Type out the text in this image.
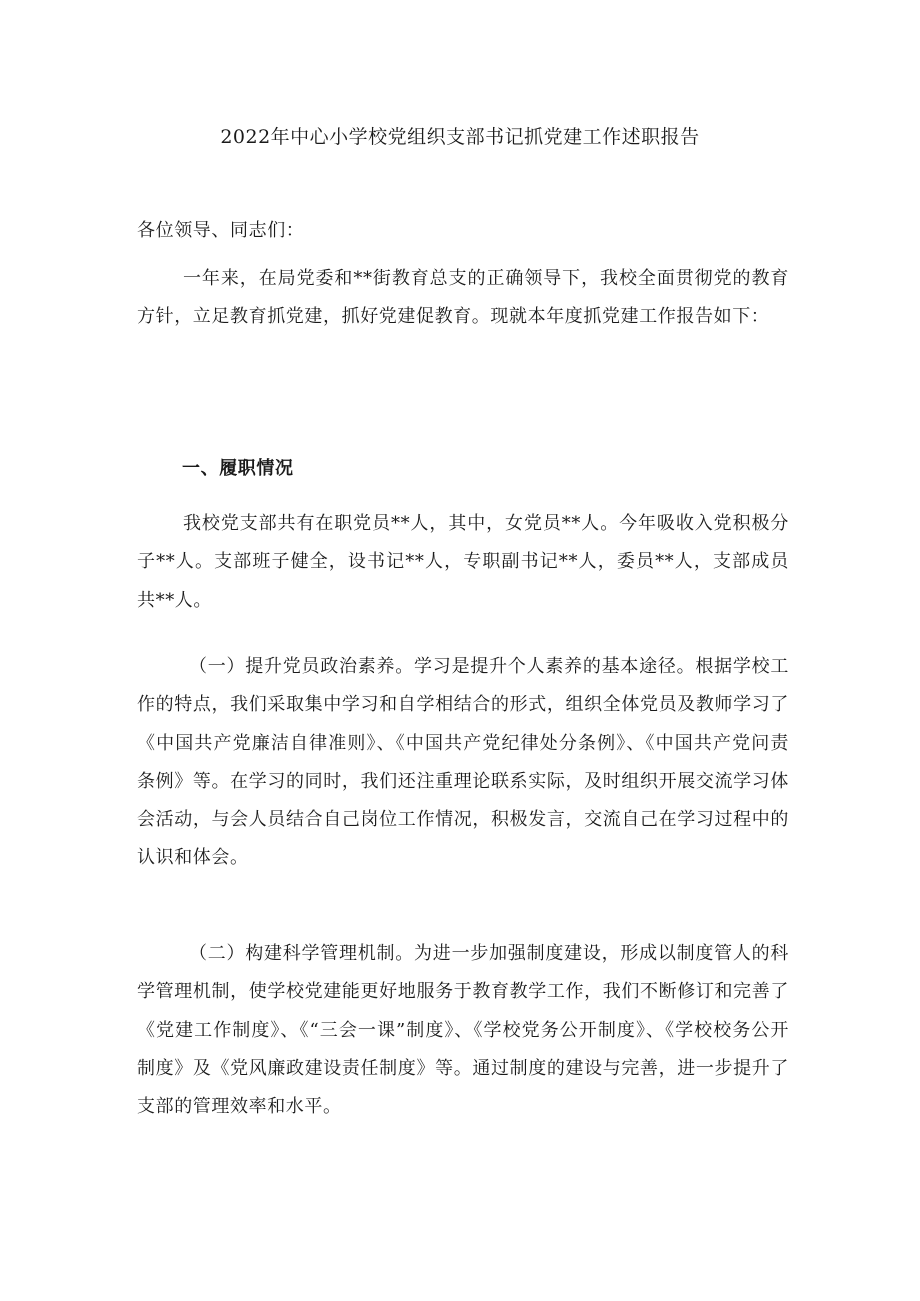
2022年中心小学校党组织支部书记抓党建工作述职报告
各位领导、同志们：
一年来，在局党委和**街教育总支的正确领导下，我校全面贯彻党的教育方针，立足教育抓党建，抓好党建促教育。现就本年度抓党建工作报告如下：
一、履职情况
我校党支部共有在职党员**人，其中，女党员**人。今年吸收入党积极分子**人。支部班子健全，设书记**人，专职副书记**人，委员**人，支部成员共**人。
（一）提升党员政治素养。学习是提升个人素养的基本途径。根据学校工作的特点，我们采取集中学习和自学相结合的形式，组织全体党员及教师学习了《中国共产党廉洁自律准则》、《中国共产党纪律处分条例》、《中国共产党问责条例》等。在学习的同时，我们还注重理论联系实际，及时组织开展交流学习体会活动，与会人员结合自己岗位工作情况，积极发言，交流自己在学习过程中的认识和体会。
（二）构建科学管理机制。为进一步加强制度建设，形成以制度管人的科学管理机制，使学校党建能更好地服务于教育教学工作，我们不断修订和完善了《党建工作制度》、《“三会一课”制度》、《学校党务公开制度》、《学校校务公开制度》及《党风廉政建设责任制度》等。通过制度的建设与完善，进一步提升了支部的管理效率和水平。
